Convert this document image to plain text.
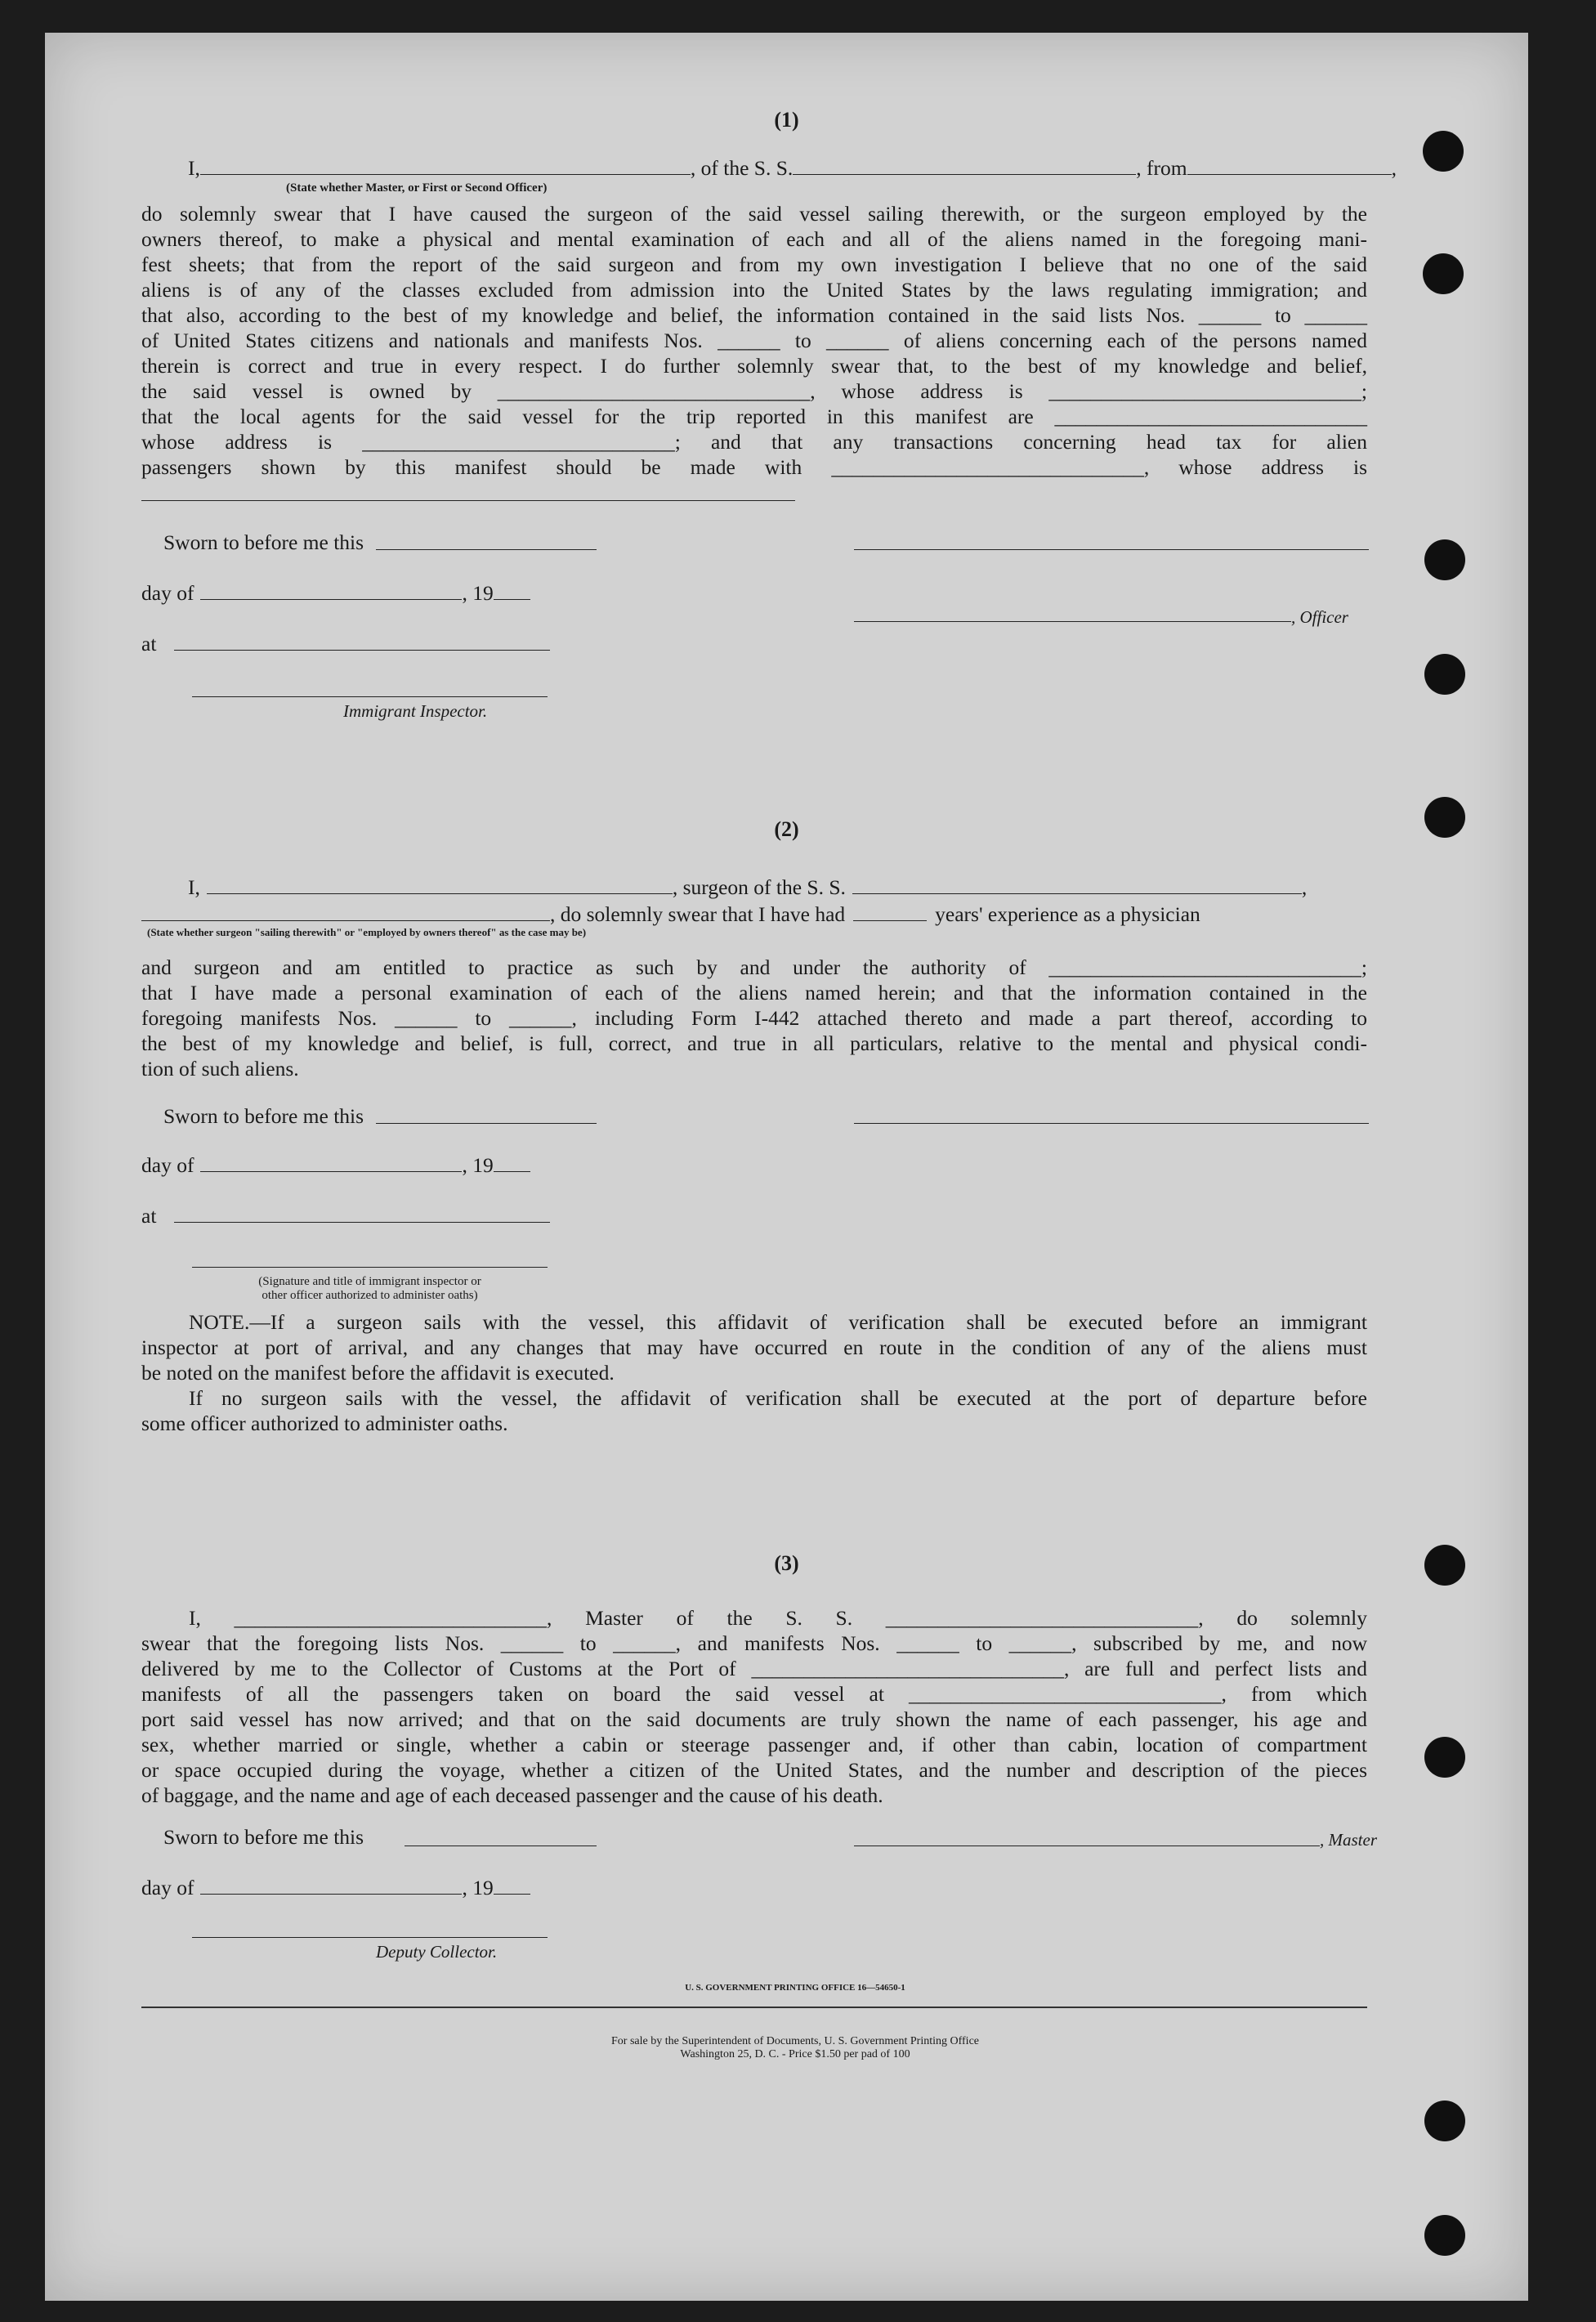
(1)
I,	, of the S. S.	, from	,
(State whether Master, or First or Second Officer)
do solemnly swear that I have caused the surgeon of the said vessel sailing therewith, or the surgeon employed by the
owners thereof, to make a physical and mental examination of each and all of the aliens named in the foregoing mani-
fest sheets; that from the report of the said surgeon and from my own investigation I believe that no one of the said
aliens is of any of the classes excluded from admission into the United States by the laws regulating immigration; and
that also, according to the best of my knowledge and belief, the information contained in the said lists Nos. ______ to ______
of United States citizens and nationals and manifests Nos. ______ to ______ of aliens concerning each of the persons named
therein is correct and true in every respect. I do further solemnly swear that, to the best of my knowledge and belief,
the said vessel is owned by ______________________________, whose address is ______________________________;
that the local agents for the said vessel for the trip reported in this manifest are ______________________________
whose address is ______________________________; and that any transactions concerning head tax for alien
passengers shown by this manifest should be made with ______________________________, whose address is
Sworn to before me this
day of	, 19
, Officer
at
Immigrant Inspector.
(2)
I,	, surgeon of the S. S.	,
, do solemnly swear that I have had	years' experience as a physician
(State whether surgeon "sailing therewith" or "employed by owners thereof" as the case may be)
and surgeon and am entitled to practice as such by and under the authority of ______________________________;
that I have made a personal examination of each of the aliens named herein; and that the information contained in the
foregoing manifests Nos. ______ to ______, including Form I-442 attached thereto and made a part thereof, according to
the best of my knowledge and belief, is full, correct, and true in all particulars, relative to the mental and physical condi-
tion of such aliens.
Sworn to before me this
day of	, 19
at
(Signature and title of immigrant inspector or
other officer authorized to administer oaths)
NOTE.—If a surgeon sails with the vessel, this affidavit of verification shall be executed before an immigrant
inspector at port of arrival, and any changes that may have occurred en route in the condition of any of the aliens must
be noted on the manifest before the affidavit is executed.
If no surgeon sails with the vessel, the affidavit of verification shall be executed at the port of departure before
some officer authorized to administer oaths.
(3)
I, ______________________________, Master of the S. S. ______________________________, do solemnly
swear that the foregoing lists Nos. ______ to ______, and manifests Nos. ______ to ______, subscribed by me, and now
delivered by me to the Collector of Customs at the Port of ______________________________, are full and perfect lists and
manifests of all the passengers taken on board the said vessel at ______________________________, from which
port said vessel has now arrived; and that on the said documents are truly shown the name of each passenger, his age and
sex, whether married or single, whether a cabin or steerage passenger and, if other than cabin, location of compartment
or space occupied during the voyage, whether a citizen of the United States, and the number and description of the pieces
of baggage, and the name and age of each deceased passenger and the cause of his death.
Sworn to before me this	, Master
day of	, 19
Deputy Collector.
U. S. GOVERNMENT PRINTING OFFICE 16—54650-1
For sale by the Superintendent of Documents, U. S. Government Printing Office
Washington 25, D. C. - Price $1.50 per pad of 100
